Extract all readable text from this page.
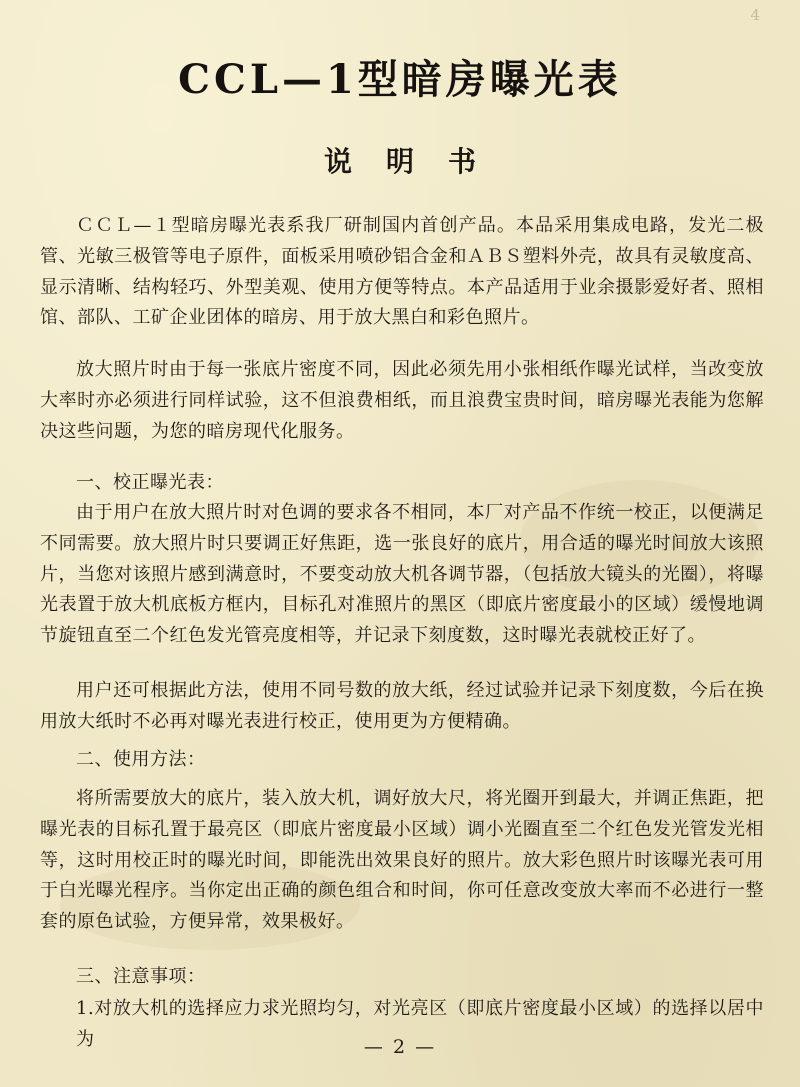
4
CCL—1型暗房曝光表
说明书

ＣＣＬ—１型暗房曝光表系我厂研制国内首创产品。本品采用集成电路，发光二极管、光敏三极管等电子原件，面板采用喷砂铝合金和ＡＢＳ塑料外壳，故具有灵敏度高、显示清晰、结构轻巧、外型美观、使用方便等特点。本产品适用于业余摄影爱好者、照相馆、部队、工矿企业团体的暗房、用于放大黑白和彩色照片。

放大照片时由于每一张底片密度不同，因此必须先用小张相纸作曝光试样，当改变放大率时亦必须进行同样试验，这不但浪费相纸，而且浪费宝贵时间，暗房曝光表能为您解决这些问题，为您的暗房现代化服务。

一、校正曝光表：

由于用户在放大照片时对色调的要求各不相同，本厂对产品不作统一校正，以便满足不同需要。放大照片时只要调正好焦距，选一张良好的底片，用合适的曝光时间放大该照片，当您对该照片感到满意时，不要变动放大机各调节器，（包括放大镜头的光圈），将曝光表置于放大机底板方框内，目标孔对准照片的黑区（即底片密度最小的区域）缓慢地调节旋钮直至二个红色发光管亮度相等，并记录下刻度数，这时曝光表就校正好了。

用户还可根据此方法，使用不同号数的放大纸，经过试验并记录下刻度数，今后在换用放大纸时不必再对曝光表进行校正，使用更为方便精确。

二、使用方法：

将所需要放大的底片，装入放大机，调好放大尺，将光圈开到最大，并调正焦距，把曝光表的目标孔置于最亮区（即底片密度最小区域）调小光圈直至二个红色发光管发光相等，这时用校正时的曝光时间，即能洗出效果良好的照片。放大彩色照片时该曝光表可用于白光曝光程序。当你定出正确的颜色组合和时间，你可任意改变放大率而不必进行一整套的原色试验，方便异常，效果极好。

三、注意事项：

1.对放大机的选择应力求光照均匀，对光亮区（即底片密度最小区域）的选择以居中为	— 2 —
